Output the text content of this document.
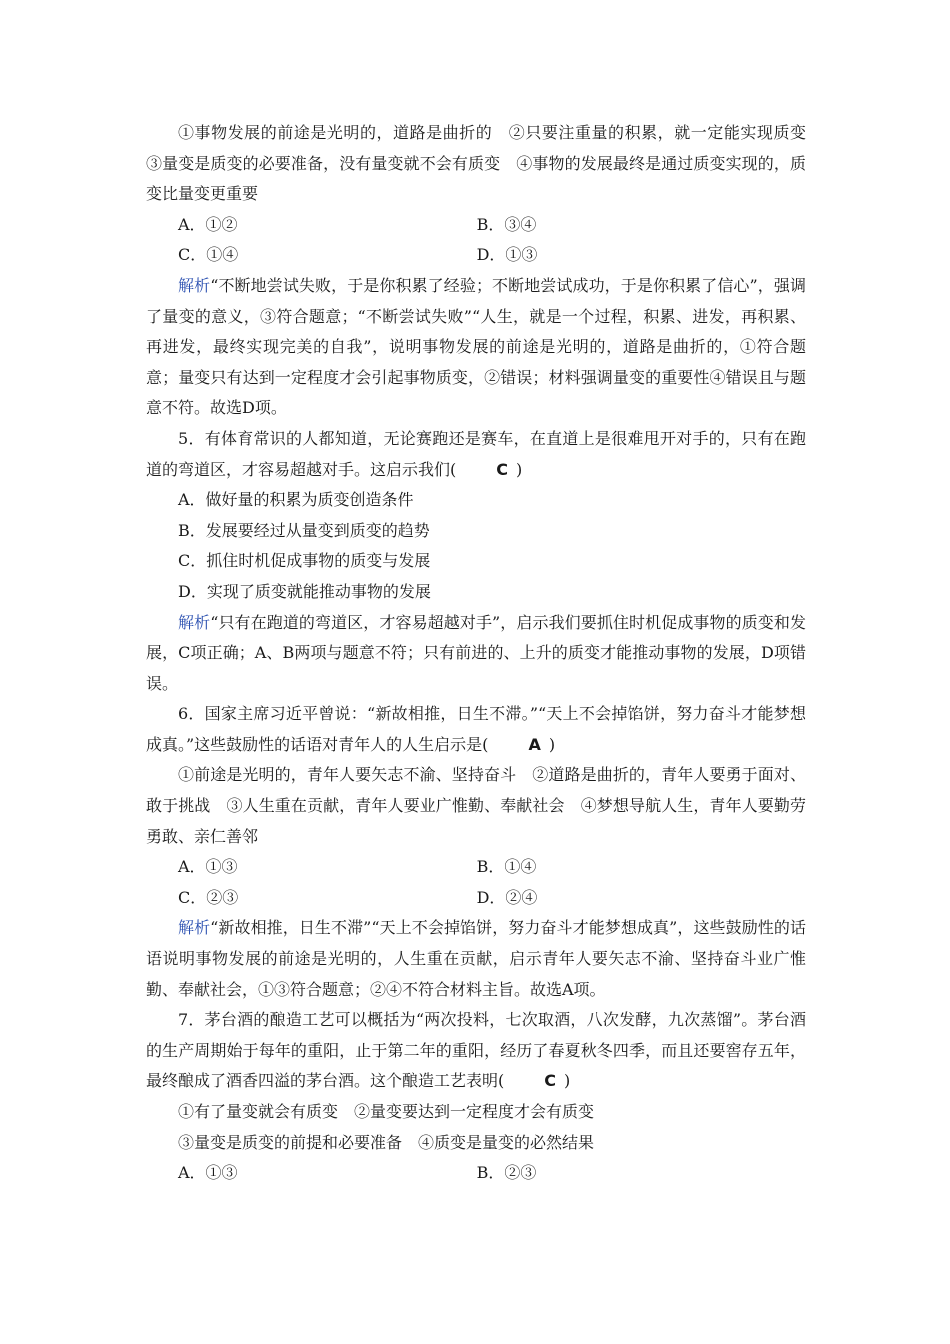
①事物发展的前途是光明的，道路是曲折的　②只要注重量的积累，就一定能实现质变　③量变是质变的必要准备，没有量变就不会有质变　④事物的发展最终是通过质变实现的，质变比量变更重要

A．①②	B．③④
C．①④	D．①③

解析“不断地尝试失败，于是你积累了经验；不断地尝试成功，于是你积累了信心”，强调了量变的意义，③符合题意；“不断尝试失败”“人生，就是一个过程，积累、进发，再积累、再进发，最终实现完美的自我”，说明事物发展的前途是光明的，道路是曲折的，①符合题意；量变只有达到一定程度才会引起事物质变，②错误；材料强调量变的重要性④错误且与题意不符。故选D项。

5．有体育常识的人都知道，无论赛跑还是赛车，在直道上是很难甩开对手的，只有在跑道的弯道区，才容易超越对手。这启示我们(	C )

A．做好量的积累为质变创造条件

B．发展要经过从量变到质变的趋势

C．抓住时机促成事物的质变与发展

D．实现了质变就能推动事物的发展

解析“只有在跑道的弯道区，才容易超越对手”，启示我们要抓住时机促成事物的质变和发展，C项正确；A、B两项与题意不符；只有前进的、上升的质变才能推动事物的发展，D项错误。

6．国家主席习近平曾说：“新故相推，日生不滞。”“天上不会掉馅饼，努力奋斗才能梦想成真。”这些鼓励性的话语对青年人的人生启示是(	A )

①前途是光明的，青年人要矢志不渝、坚持奋斗　②道路是曲折的，青年人要勇于面对、敢于挑战　③人生重在贡献，青年人要业广惟勤、奉献社会　④梦想导航人生，青年人要勤劳勇敢、亲仁善邻

A．①③	B．①④
C．②③	D．②④

解析“新故相推，日生不滞”“天上不会掉馅饼，努力奋斗才能梦想成真”，这些鼓励性的话语说明事物发展的前途是光明的，人生重在贡献，启示青年人要矢志不渝、坚持奋斗业广惟勤、奉献社会，①③符合题意；②④不符合材料主旨。故选A项。

7．茅台酒的酿造工艺可以概括为“两次投料，七次取酒，八次发酵，九次蒸馏”。茅台酒的生产周期始于每年的重阳，止于第二年的重阳，经历了春夏秋冬四季，而且还要窖存五年，最终酿成了酒香四溢的茅台酒。这个酿造工艺表明(	C )

①有了量变就会有质变　②量变要达到一定程度才会有质变

③量变是质变的前提和必要准备　④质变是量变的必然结果

A．①③	B．②③
